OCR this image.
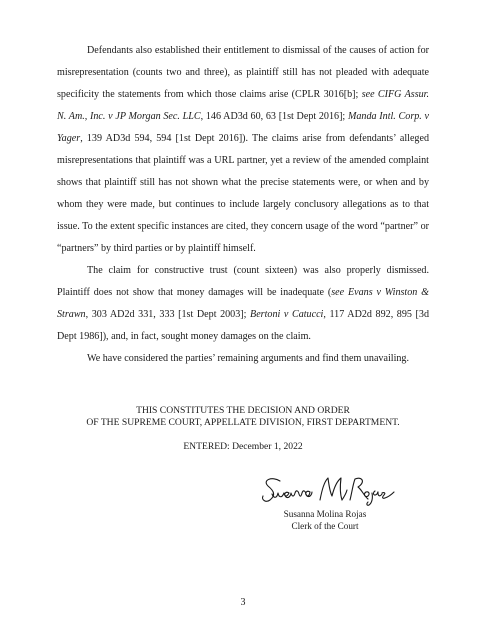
Defendants also established their entitlement to dismissal of the causes of action for misrepresentation (counts two and three), as plaintiff still has not pleaded with adequate specificity the statements from which those claims arise (CPLR 3016[b]; see CIFG Assur. N. Am., Inc. v JP Morgan Sec. LLC, 146 AD3d 60, 63 [1st Dept 2016]; Manda Intl. Corp. v Yager, 139 AD3d 594, 594 [1st Dept 2016]). The claims arise from defendants’ alleged misrepresentations that plaintiff was a URL partner, yet a review of the amended complaint shows that plaintiff still has not shown what the precise statements were, or when and by whom they were made, but continues to include largely conclusory allegations as to that issue. To the extent specific instances are cited, they concern usage of the word “partner” or “partners” by third parties or by plaintiff himself.

The claim for constructive trust (count sixteen) was also properly dismissed. Plaintiff does not show that money damages will be inadequate (see Evans v Winston & Strawn, 303 AD2d 331, 333 [1st Dept 2003]; Bertoni v Catucci, 117 AD2d 892, 895 [3d Dept 1986]), and, in fact, sought money damages on the claim.

We have considered the parties’ remaining arguments and find them unavailing.

THIS CONSTITUTES THE DECISION AND ORDER
OF THE SUPREME COURT, APPELLATE DIVISION, FIRST DEPARTMENT.
ENTERED: December 1, 2022
Susanna Molina Rojas
Clerk of the Court
3
